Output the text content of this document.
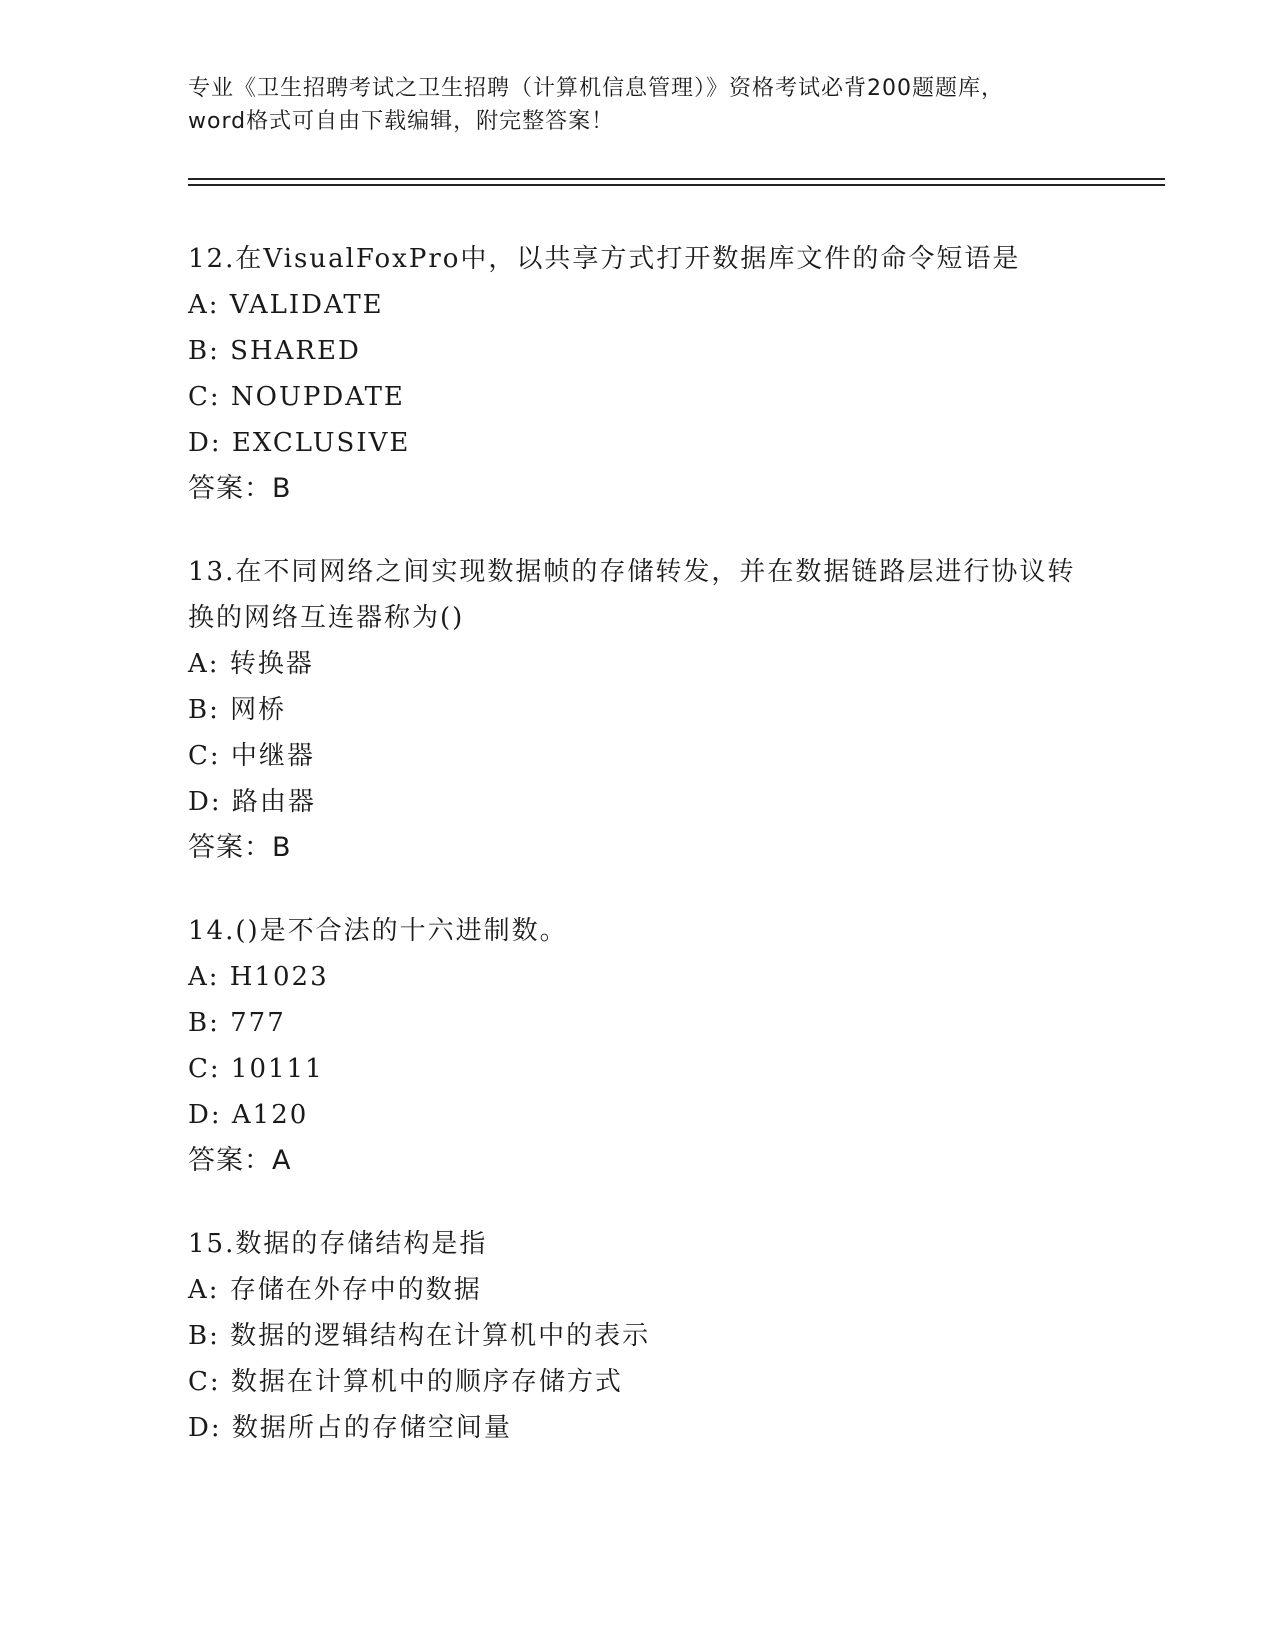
专业《卫生招聘考试之卫生招聘（计算机信息管理）》资格考试必背200题题库，
word格式可自由下载编辑，附完整答案！
12.在VisualFoxPro中，以共享方式打开数据库文件的命令短语是
A: VALIDATE
B: SHARED
C: NOUPDATE
D: EXCLUSIVE
答案：B
13.在不同网络之间实现数据帧的存储转发，并在数据链路层进行协议转换的网络互连器称为()
A: 转换器
B: 网桥
C: 中继器
D: 路由器
答案：B
14.()是不合法的十六进制数。
A: H1023
B: 777
C: 10111
D: A120
答案：A
15.数据的存储结构是指
A: 存储在外存中的数据
B: 数据的逻辑结构在计算机中的表示
C: 数据在计算机中的顺序存储方式
D: 数据所占的存储空间量
